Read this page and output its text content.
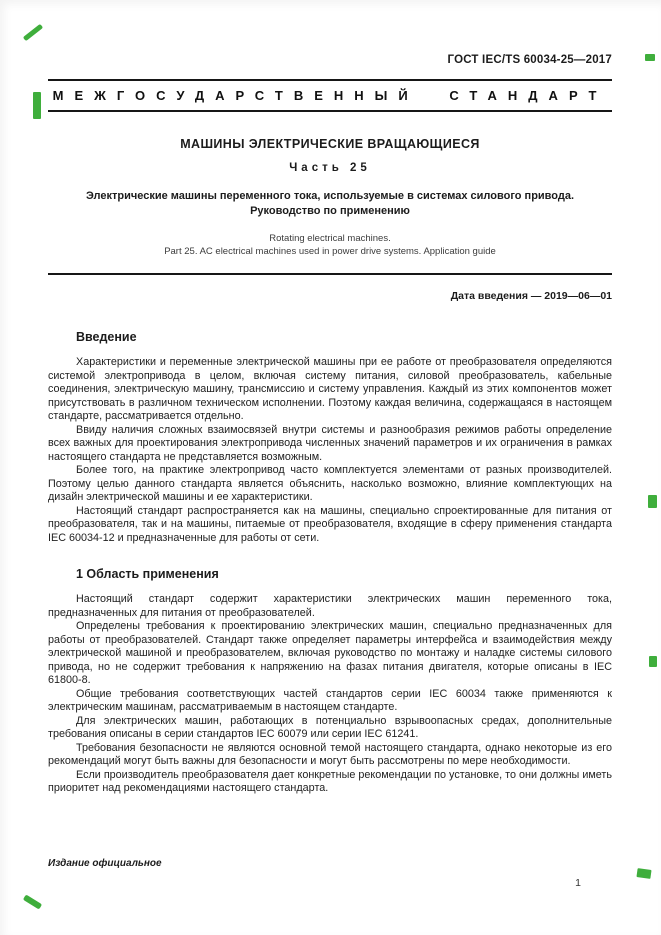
ГОСТ IEC/TS 60034-25—2017
МЕЖГОСУДАРСТВЕННЫЙ СТАНДАРТ
МАШИНЫ ЭЛЕКТРИЧЕСКИЕ ВРАЩАЮЩИЕСЯ
Часть 25
Электрические машины переменного тока, используемые в системах силового привода.
Руководство по применению
Rotating electrical machines.
Part 25. AC electrical machines used in power drive systems. Application guide
Дата введения — 2019—06—01
Введение

Характеристики и переменные электрической машины при ее работе от преобразователя определяются системой электропривода в целом, включая систему питания, силовой преобразователь, кабельные соединения, электрическую машину, трансмиссию и систему управления. Каждый из этих компонентов может присутствовать в различном техническом исполнении. Поэтому каждая величина, содержащаяся в настоящем стандарте, рассматривается отдельно.

Ввиду наличия сложных взаимосвязей внутри системы и разнообразия режимов работы определение всех важных для проектирования электропривода численных значений параметров и их ограничения в рамках настоящего стандарта не представляется возможным.

Более того, на практике электропривод часто комплектуется элементами от разных производителей. Поэтому целью данного стандарта является объяснить, насколько возможно, влияние комплектующих на дизайн электрической машины и ее характеристики.

Настоящий стандарт распространяется как на машины, специально спроектированные для питания от преобразователя, так и на машины, питаемые от преобразователя, входящие в сферу применения стандарта IEC 60034-12 и предназначенные для работы от сети.

1 Область применения

Настоящий стандарт содержит характеристики электрических машин переменного тока, предназначенных для питания от преобразователей.

Определены требования к проектированию электрических машин, специально предназначенных для работы от преобразователей. Стандарт также определяет параметры интерфейса и взаимодействия между электрической машиной и преобразователем, включая руководство по монтажу и наладке системы силового привода, но не содержит требования к напряжению на фазах питания двигателя, которые описаны в IEC 61800-8.

Общие требования соответствующих частей стандартов серии IEC 60034 также применяются к электрическим машинам, рассматриваемым в настоящем стандарте.

Для электрических машин, работающих в потенциально взрывоопасных средах, дополнительные требования описаны в серии стандартов IEC 60079 или серии IEC 61241.

Требования безопасности не являются основной темой настоящего стандарта, однако некоторые из его рекомендаций могут быть важны для безопасности и могут быть рассмотрены по мере необходимости.

Если производитель преобразователя дает конкретные рекомендации по установке, то они должны иметь приоритет над рекомендациями настоящего стандарта.

Издание официальное
1
